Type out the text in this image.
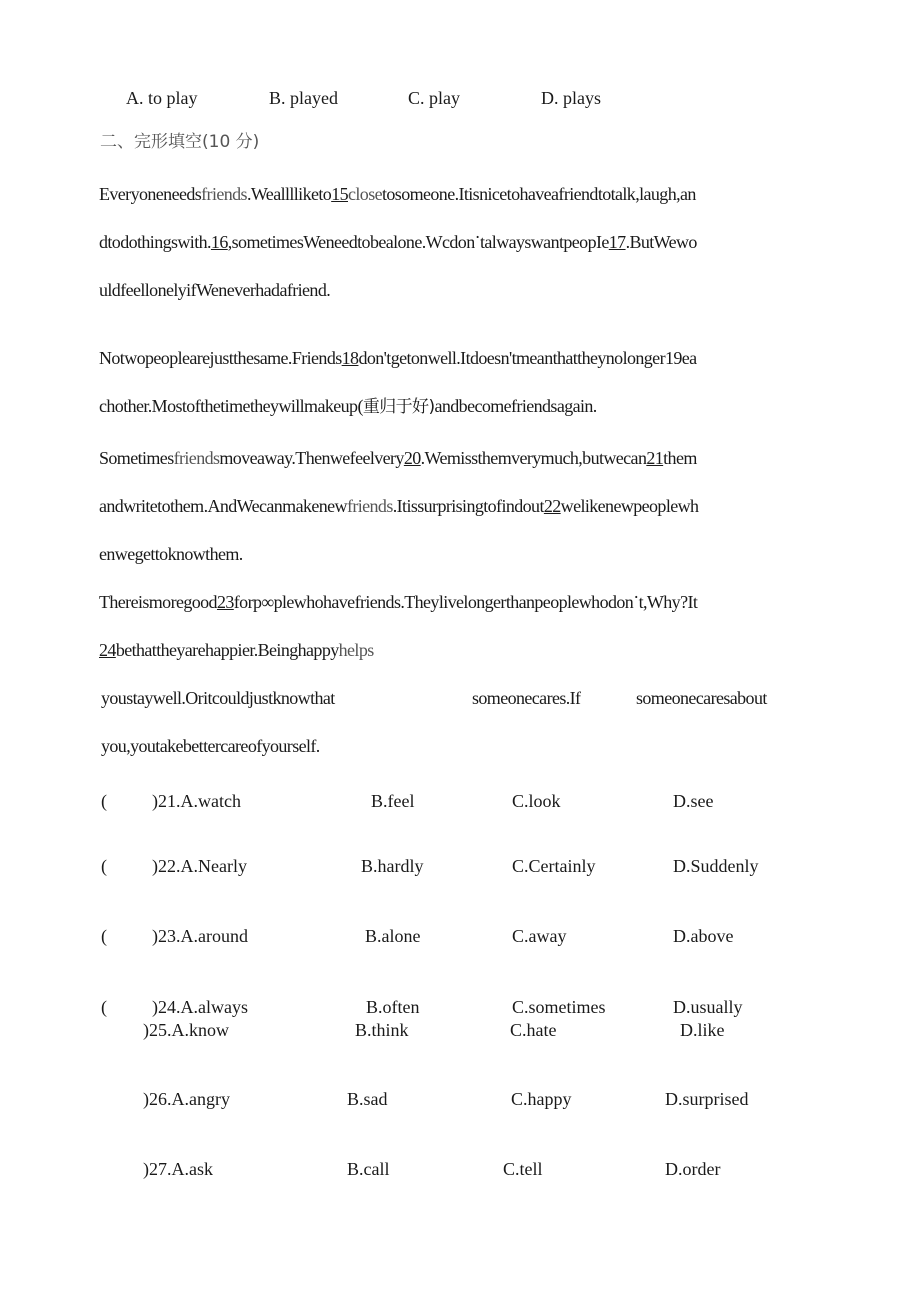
A. to play	B. played	C. play	D. plays
二、完形填空(10 分)
Everyoneneedsfriends.Wealllliketo15closetosomeone.Itisnicetohaveafriendtotalk,laugh,an
dtodothingswith.16,sometimesWeneedtobealone.Wcdon·talwayswantpeopIe17.ButWewo
uldfeellonelyifWeneverhadafriend.
Notwopeoplearejustthesame.Friends18don'tgetonwell.Itdoesn'tmeanthattheynolonger19ea
chother.Mostofthetimetheywillmakeup(重归于好)andbecomefriendsagain.
Sometimesfriendsmoveaway.Thenwefeelvery20.Wemissthemverymuch,butwecan21them
andwritetothem.AndWecanmakenewfriends.Itissurprisingtofindout22welikenewpeoplewh
enwegettoknowthem.
Thereismoregood23forp∞plewhohavefriends.Theylivelongerthanpeoplewhodon·t,Why?It
24bethattheyarehappier.Beinghappyhelps
youstaywell.Oritcouldjustknowthat	someonecares.If	someonecaresabout
you,youtakebettercareofyourself.
(	)21.A.watch	B.feel	C.look	D.see
(	)22.A.Nearly	B.hardly	C.Certainly	D.Suddenly
(	)23.A.around	B.alone	C.away	D.above
(	)24.A.always	B.often	C.sometimes	D.usually
)25.A.know	B.think	C.hate	D.like
)26.A.angry	B.sad	C.happy	D.surprised
)27.A.ask	B.call	C.tell	D.order
